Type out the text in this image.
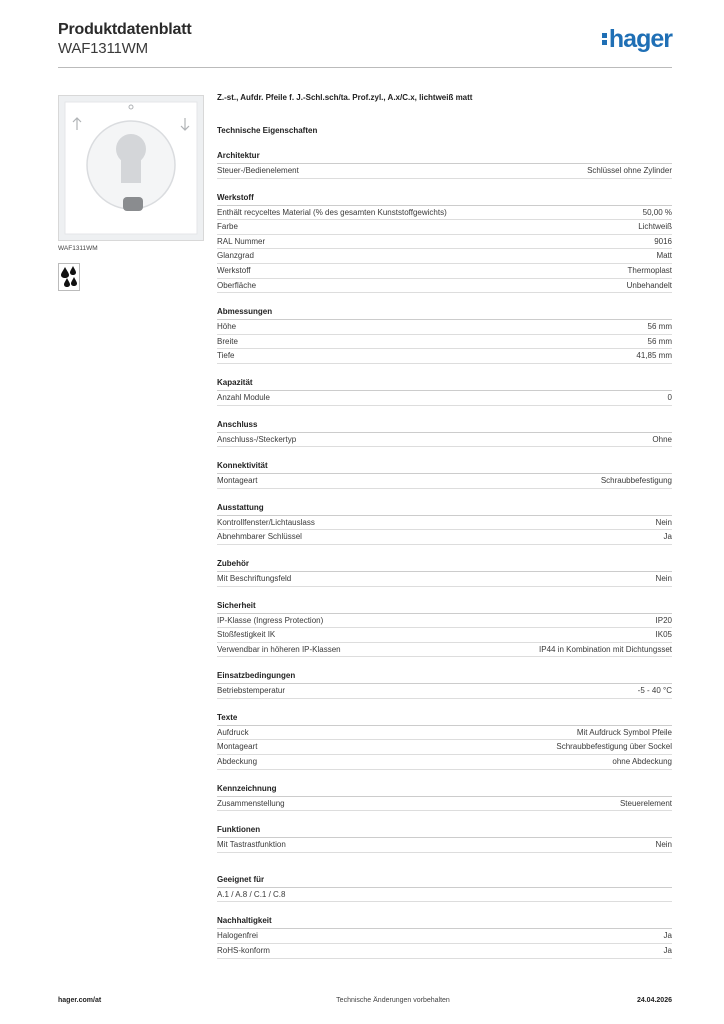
Produktdatenblatt
WAF1311WM	hager
WAF1311WM
Z.-st., Aufdr. Pfeile f. J.-Schl.sch/ta. Prof.zyl., A.x/C.x, lichtweiß matt
Technische Eigenschaften
Architektur
Steuer-/Bedienelement	Schlüssel ohne Zylinder
Werkstoff
Enthält recyceltes Material (% des gesamten Kunststoffgewichts)	50,00 %
Farbe	Lichtweiß
RAL Nummer	9016
Glanzgrad	Matt
Werkstoff	Thermoplast
Oberfläche	Unbehandelt
Abmessungen
Höhe	56 mm
Breite	56 mm
Tiefe	41,85 mm
Kapazität
Anzahl Module	0
Anschluss
Anschluss-/Steckertyp	Ohne
Konnektivität
Montageart	Schraubbefestigung
Ausstattung
Kontrollfenster/Lichtauslass	Nein
Abnehmbarer Schlüssel	Ja
Zubehör
Mit Beschriftungsfeld	Nein
Sicherheit
IP-Klasse (Ingress Protection)	IP20
Stoßfestigkeit IK	IK05
Verwendbar in höheren IP-Klassen	IP44 in Kombination mit Dichtungsset
Einsatzbedingungen
Betriebstemperatur	-5 - 40 °C
Texte
Aufdruck	Mit Aufdruck Symbol Pfeile
Montageart	Schraubbefestigung über Sockel
Abdeckung	ohne Abdeckung
Kennzeichnung
Zusammenstellung	Steuerelement
Funktionen
Mit Tastrastfunktion	Nein
Geeignet für
A.1 / A.8 / C.1 / C.8
Nachhaltigkeit
Halogenfrei	Ja
RoHS-konform	Ja
hager.com/at	Technische Änderungen vorbehalten	24.04.2026
